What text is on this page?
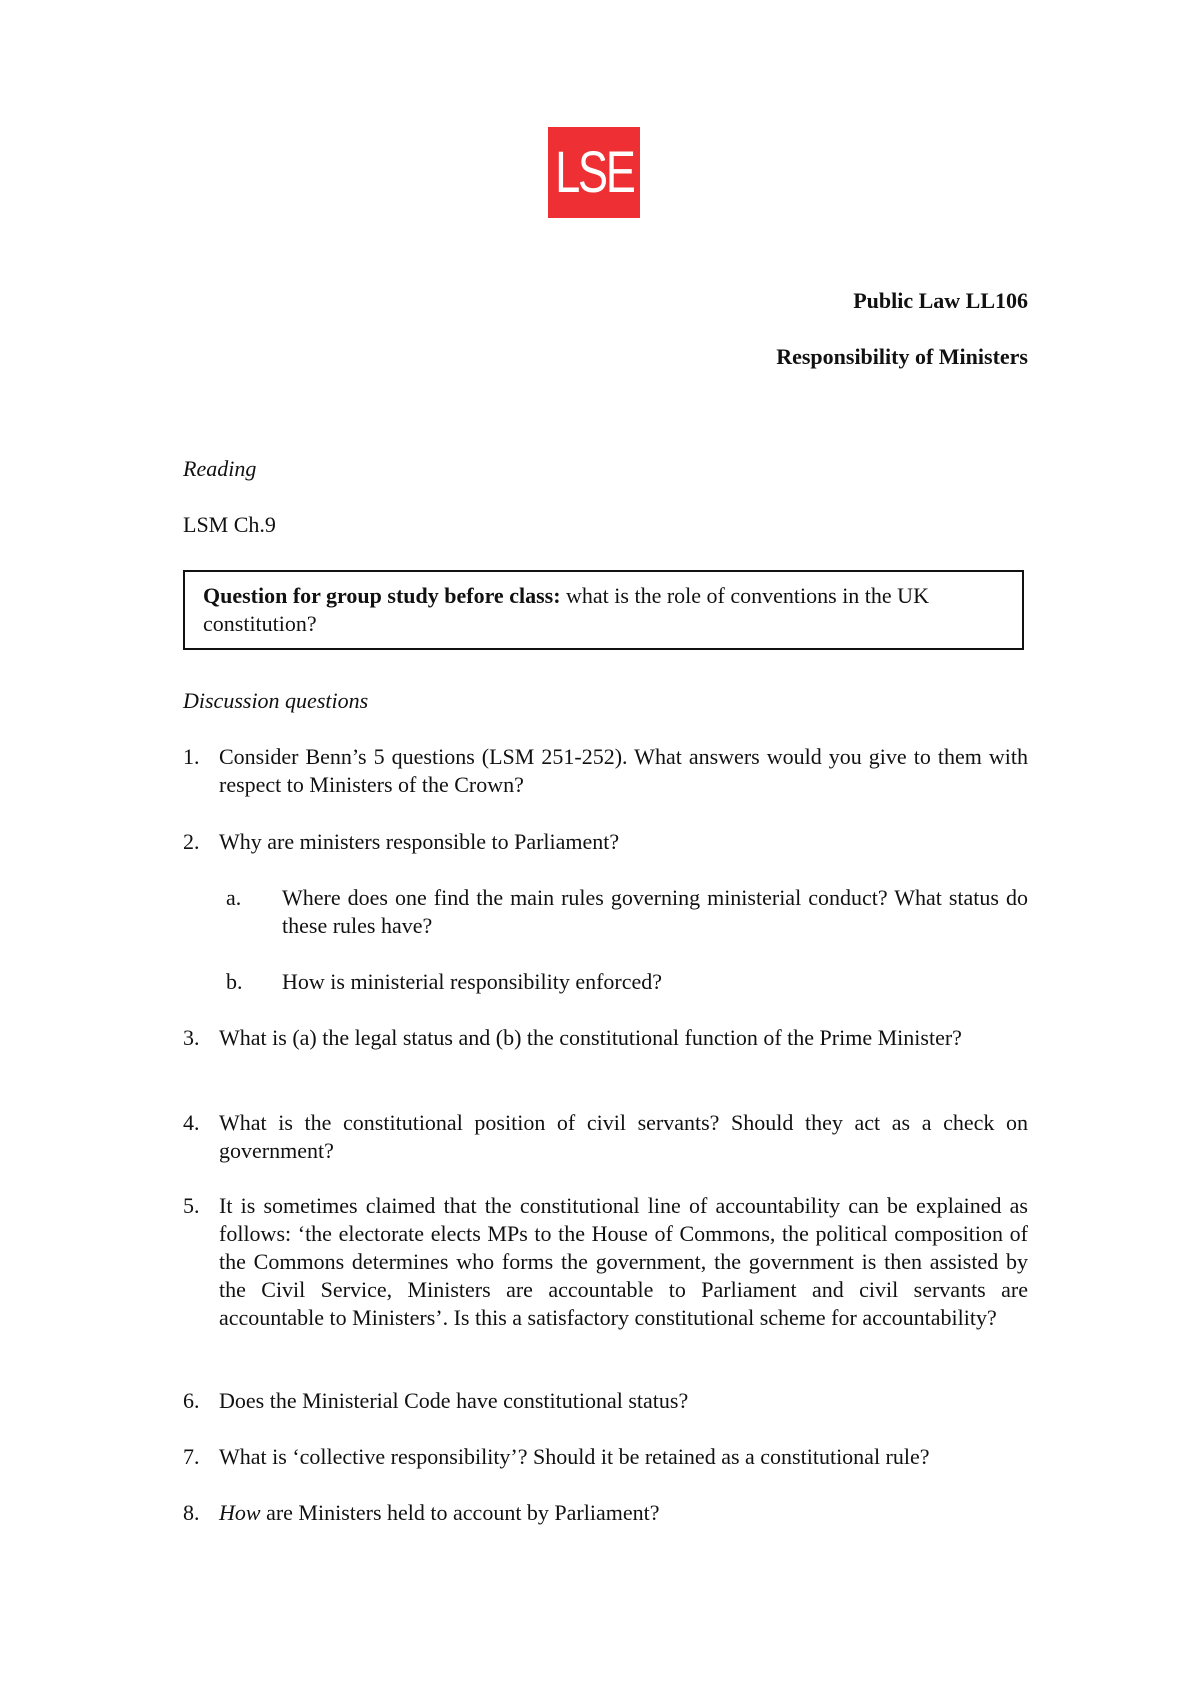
LSE
Public Law LL106
Responsibility of Ministers
Reading
LSM Ch.9
Question for group study before class: what is the role of conventions in the UK constitution?
Discussion questions
1. Consider Benn’s 5 questions (LSM 251-252). What answers would you give to them with respect to Ministers of the Crown?
2. Why are ministers responsible to Parliament?
a.	Where does one find the main rules governing ministerial conduct? What status do these rules have?
b.	How is ministerial responsibility enforced?
3. What is (a) the legal status and (b) the constitutional function of the Prime Minister?
4. What is the constitutional position of civil servants? Should they act as a check on government?
5. It is sometimes claimed that the constitutional line of accountability can be explained as follows: ‘the electorate elects MPs to the House of Commons, the political composition of the Commons determines who forms the government, the government is then assisted by the Civil Service, Ministers are accountable to Parliament and civil servants are accountable to Ministers’. Is this a satisfactory constitutional scheme for accountability?
6. Does the Ministerial Code have constitutional status?
7. What is ‘collective responsibility’? Should it be retained as a constitutional rule?
8. How are Ministers held to account by Parliament?
